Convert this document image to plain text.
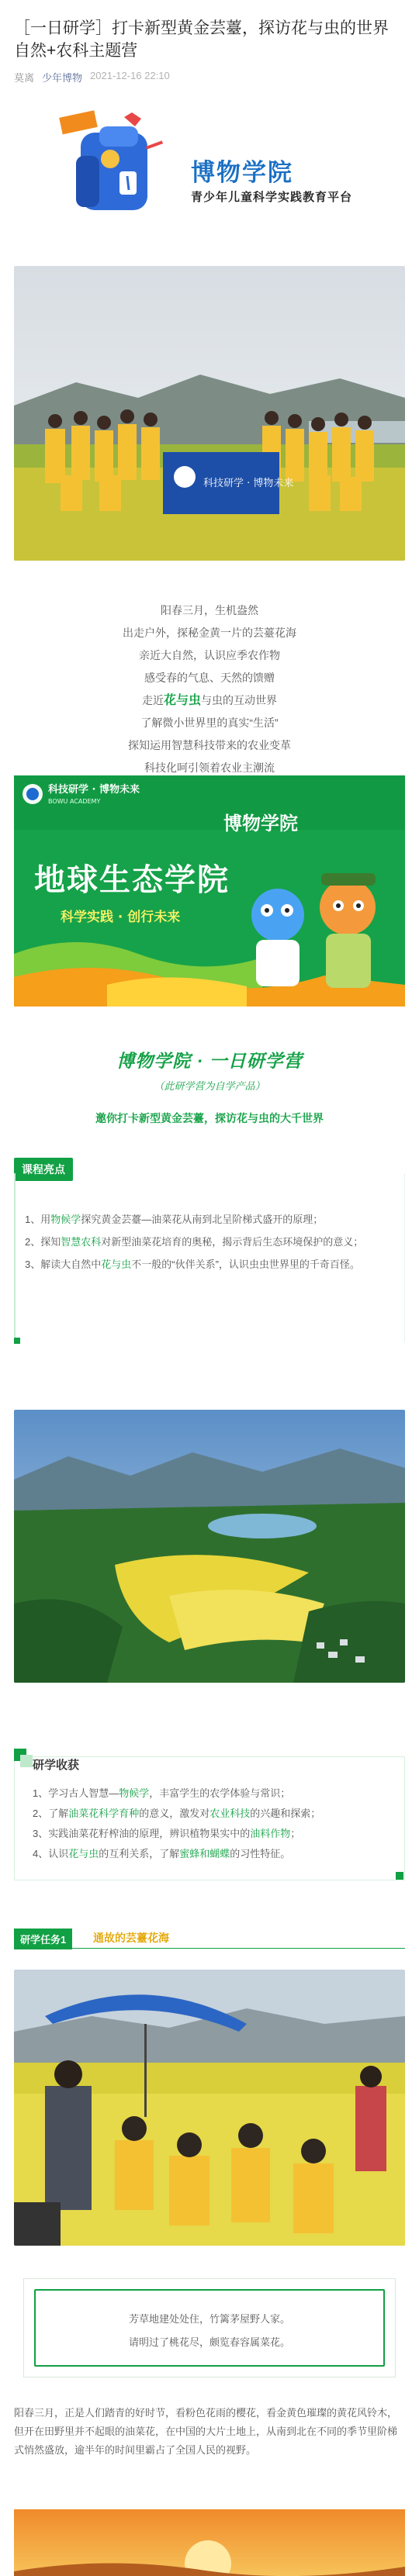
［一日研学］打卡新型黄金芸薹，探访花与虫的世界 自然+农科主题营
莫离 少年博物 2021-12-16 22:10
博物学院
青少年儿童科学实践教育平台
科技研学 · 博物未来

阳春三月，生机盎然

出走户外，探秘金黄一片的芸薹花海

亲近大自然，认识应季农作物

感受春的气息、天然的馈赠

走近花与虫与虫的互动世界

了解微小世界里的真实“生活”

探知运用智慧科技带来的农业变革

科技化呵引领着农业主潮流

科技研学 · 博物未来
BOWU ACADEMY
博物学院
地球生态学院
科学实践 · 创行未来
博物学院 · 一日研学营
（此研学营为自学产品）
邀你打卡新型黄金芸薹，探访花与虫的大千世界
课程亮点

1、用物候学探究黄金芸薹—油菜花从南到北呈阶梯式盛开的原理；

2、探知智慧农科对新型油菜花培育的奥秘，揭示背后生态环境保护的意义；

3、解读大自然中花与虫不一般的“伙伴关系”，认识虫虫世界里的千奇百怪。

研学收获

1、学习古人智慧—物候学，丰富学生的农学体验与常识；

2、了解油菜花科学育种的意义，激发对农业科技的兴趣和探索；

3、实践油菜花籽榨油的原理，辨识植物果实中的油料作物；

4、认识花与虫的互利关系，了解蜜蜂和蝴蝶的习性特征。

研学任务1	通故的芸薹花海

芳草地建处处住，竹篱茅屋野人家。

请明过了桃花尽，颇览春容属菜花。

阳春三月，正是人们踏青的好时节，看粉色花雨的樱花，看金黄色璀璨的黄花风铃木，但开在田野里并不起眼的油菜花，在中国的大片土地上，从南到北在不同的季节里阶梯式悄然盛放，逾半年的时间里霸占了全国人民的视野。
